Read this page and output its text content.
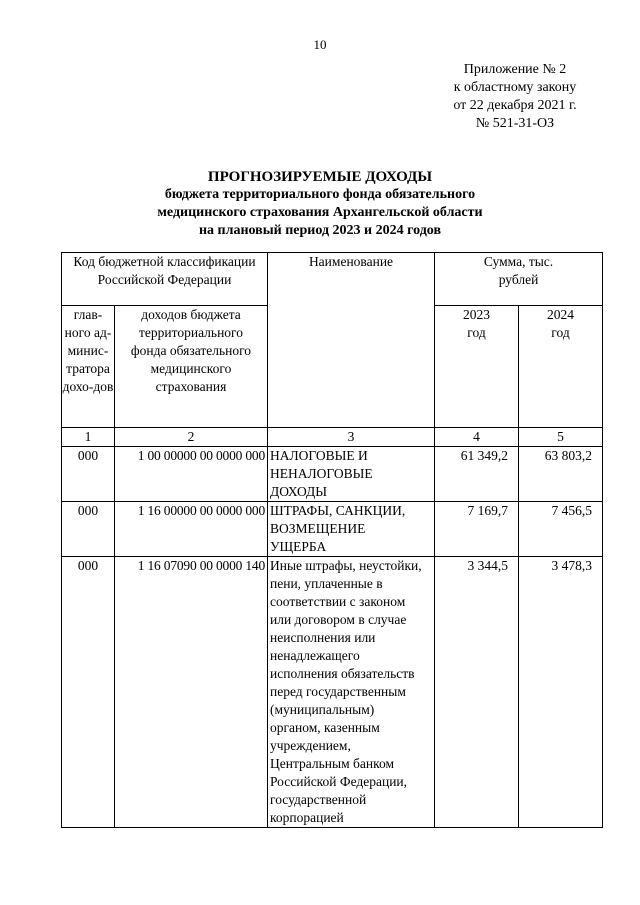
10
Приложение № 2
к областному закону
от 22 декабря 2021 г.
№ 521-31-ОЗ
ПРОГНОЗИРУЕМЫЕ ДОХОДЫ
бюджета территориального фонда обязательного
медицинского страхования Архангельской области
на плановый период 2023 и 2024 годов
Код бюджетной классификации Российской Федерации		Наименование	Сумма, тыс. рублей	
глав-ного ад-минис-тратора дохо-дов	доходов бюджета территориального фонда обязательного медицинского страхования		2023 год	2024 год
1	2	3	4	5
000	1 00 00000 00 0000 000	НАЛОГОВЫЕ И НЕНАЛОГОВЫЕ ДОХОДЫ	61 349,2	63 803,2
000	1 16 00000 00 0000 000	ШТРАФЫ, САНКЦИИ, ВОЗМЕЩЕНИЕ УЩЕРБА	7 169,7	7 456,5
000	1 16 07090 00 0000 140	Иные штрафы, неустойки, пени, уплаченные в соответствии с законом или договором в случае неисполнения или ненадлежащего исполнения обязательств перед государственным (муниципальным) органом, казенным учреждением, Центральным банком Российской Федерации, государственной корпорацией	3 344,5	3 478,3
